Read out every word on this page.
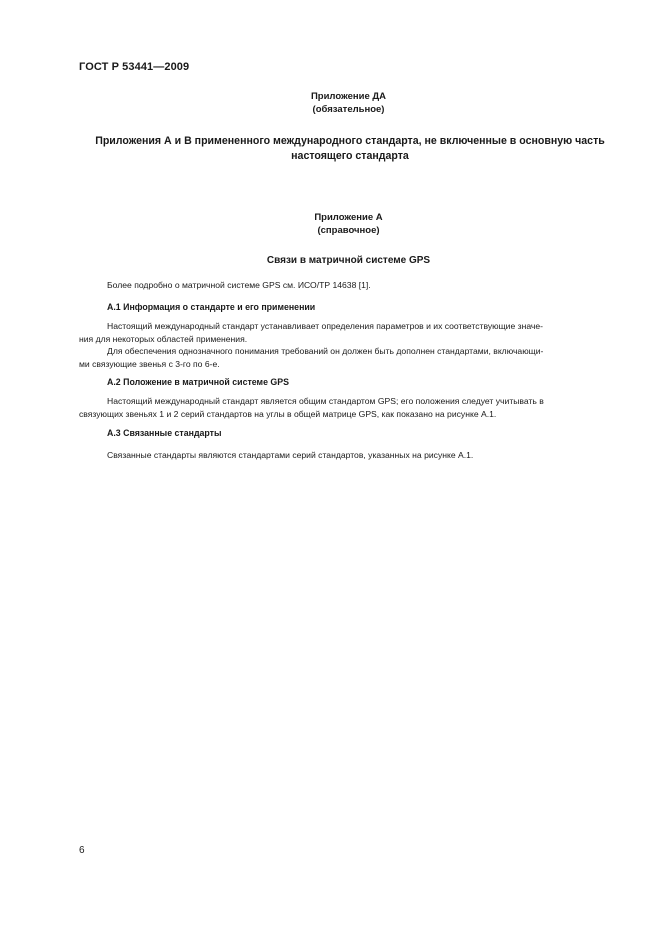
ГОСТ Р 53441—2009
Приложение ДА
(обязательное)
Приложения А и В примененного международного стандарта, не включенные в основную часть
настоящего стандарта
Приложение А
(справочное)
Связи в матричной системе GPS
Более подробно о матричной системе GPS см. ИСО/ТР 14638 [1].
А.1 Информация о стандарте и его применении
Настоящий международный стандарт устанавливает определения параметров и их соответствующие значе-
ния для некоторых областей применения.
Для обеспечения однозначного понимания требований он должен быть дополнен стандартами, включающи-
ми связующие звенья с 3-го по 6-е.
А.2 Положение в матричной системе GPS
Настоящий международный стандарт является общим стандартом GPS; его положения следует учитывать в
связующих звеньях 1 и 2 серий стандартов на углы в общей матрице GPS, как показано на рисунке А.1.
А.3 Связанные стандарты
Связанные стандарты являются стандартами серий стандартов, указанных на рисунке А.1.
6
